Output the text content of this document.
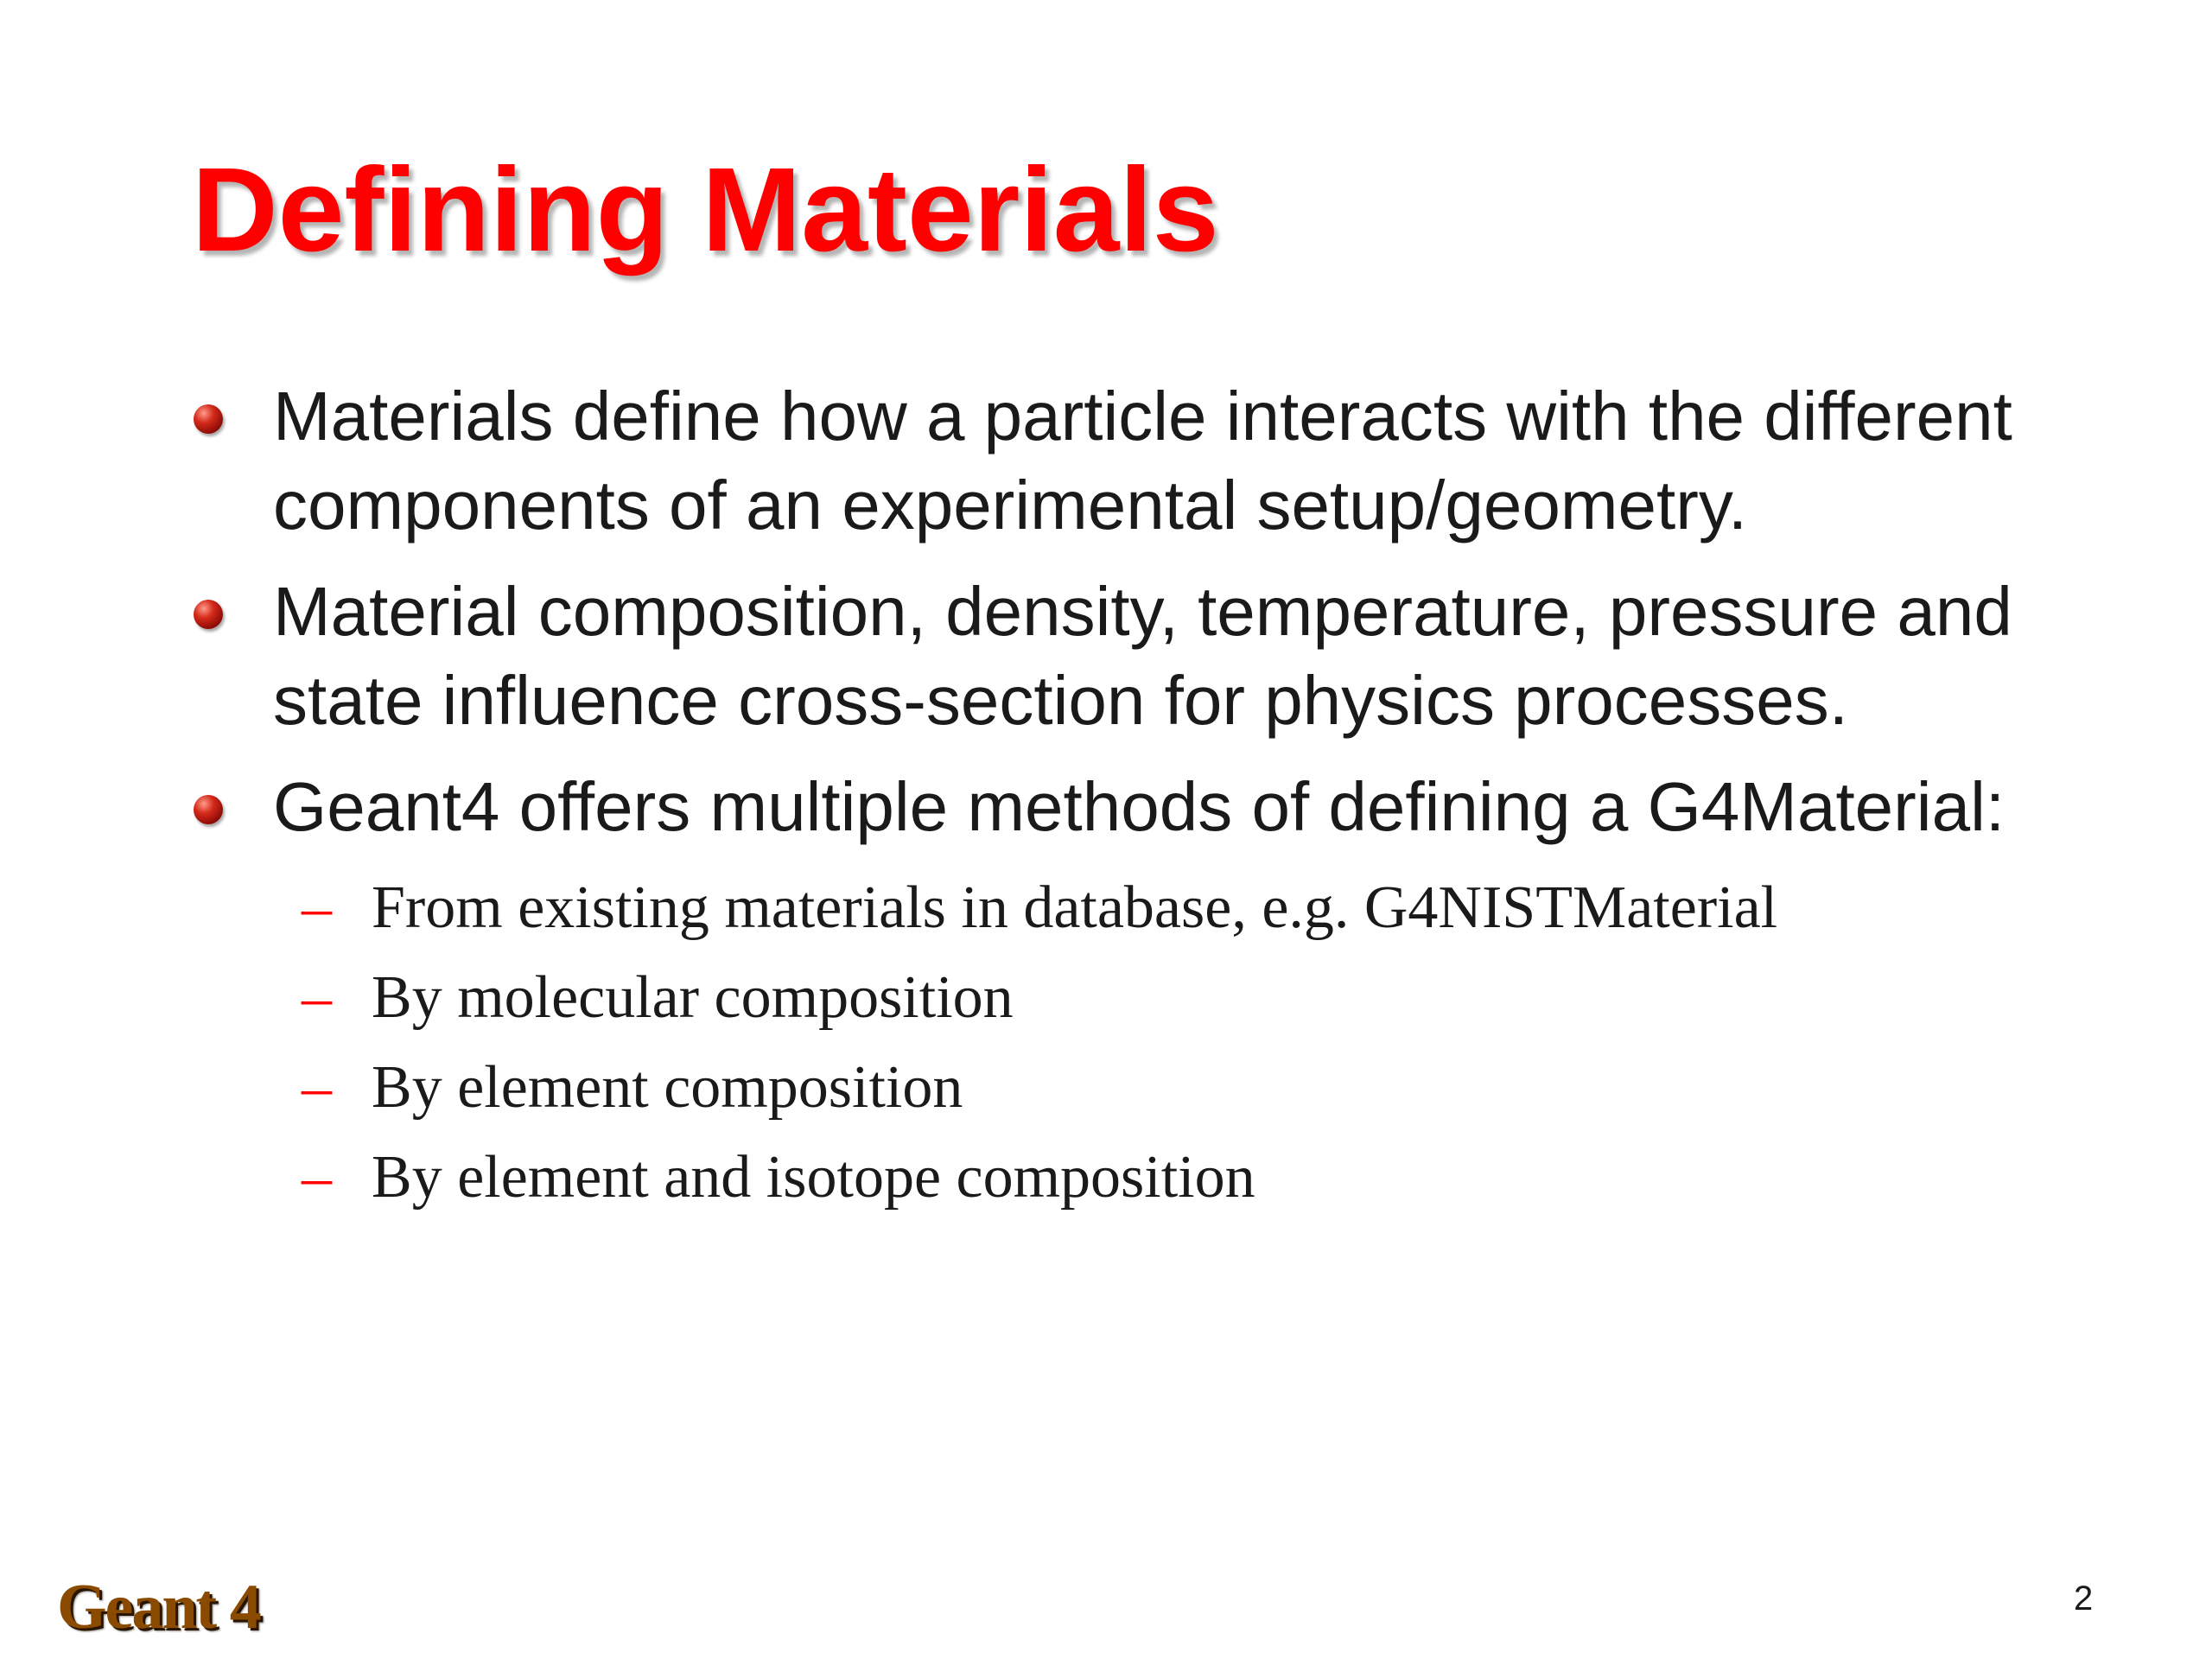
Defining Materials
Materials define how a particle interacts with the different components of an experimental setup/geometry.
Material composition, density, temperature, pressure and state influence cross-section for physics processes.
Geant4 offers multiple methods of defining a G4Material:
– From existing materials in database, e.g. G4NISTMaterial
– By molecular composition
– By element composition
– By element and isotope composition
Geant 4	2
